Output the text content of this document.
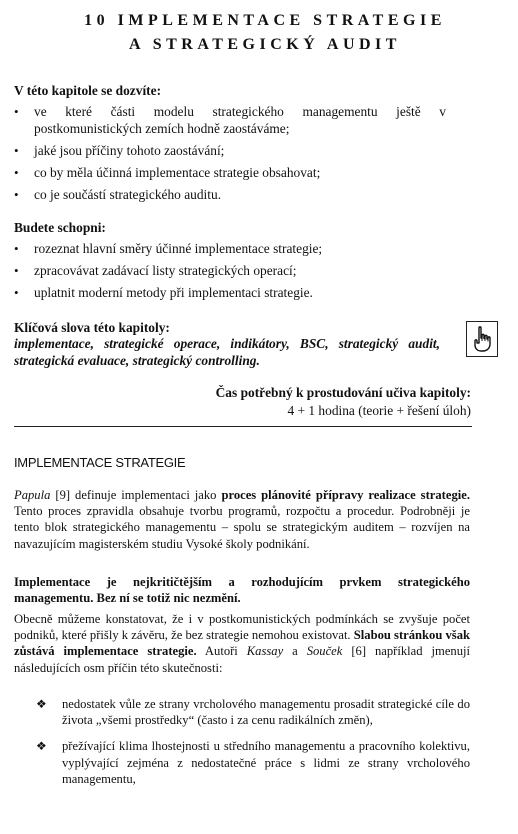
10 IMPLEMENTACE STRATEGIE
A STRATEGICKÝ AUDIT
V této kapitole se dozvíte:
• ve které části modelu strategického managementu ještě v postkomunistických zemích hodně zaostáváme;
• jaké jsou příčiny tohoto zaostávání;
• co by měla účinná implementace strategie obsahovat;
• co je součástí strategického auditu.
Budete schopni:
• rozeznat hlavní směry účinné implementace strategie;
• zpracovávat zadávací listy strategických operací;
• uplatnit moderní metody při implementaci strategie.
Klíčová slova této kapitoly:
implementace, strategické operace, indikátory, BSC, strategický audit, strategická evaluace, strategický controlling.
Čas potřebný k prostudování učiva kapitoly:
4 + 1 hodina (teorie + řešení úloh)
IMPLEMENTACE STRATEGIE

Papula [9] definuje implementaci jako proces plánovité přípravy realizace strategie. Tento proces zpravidla obsahuje tvorbu programů, rozpočtu a procedur. Podrobněji je tento blok strategického managementu – spolu se strategickým auditem – rozvíjen na navazujícím magisterském studiu Vysoké školy podnikání.

Implementace je nejkritičtějším a rozhodujícím prvkem strategického managementu. Bez ní se totiž nic nezmění.

Obecně můžeme konstatovat, že i v postkomunistických podmínkách se zvyšuje počet podniků, které přišly k závěru, že bez strategie nemohou existovat. Slabou stránkou však zůstává implementace strategie. Autoři Kassay a Souček [6] například jmenují následujících osm příčin této skutečnosti:

❖ nedostatek vůle ze strany vrcholového managementu prosadit strategické cíle do života „všemi prostředky“ (často i za cenu radikálních změn),
❖ přežívající klima lhostejnosti u středního managementu a pracovního kolektivu, vyplývající zejména z nedostatečné práce s lidmi ze strany vrcholového managementu,
